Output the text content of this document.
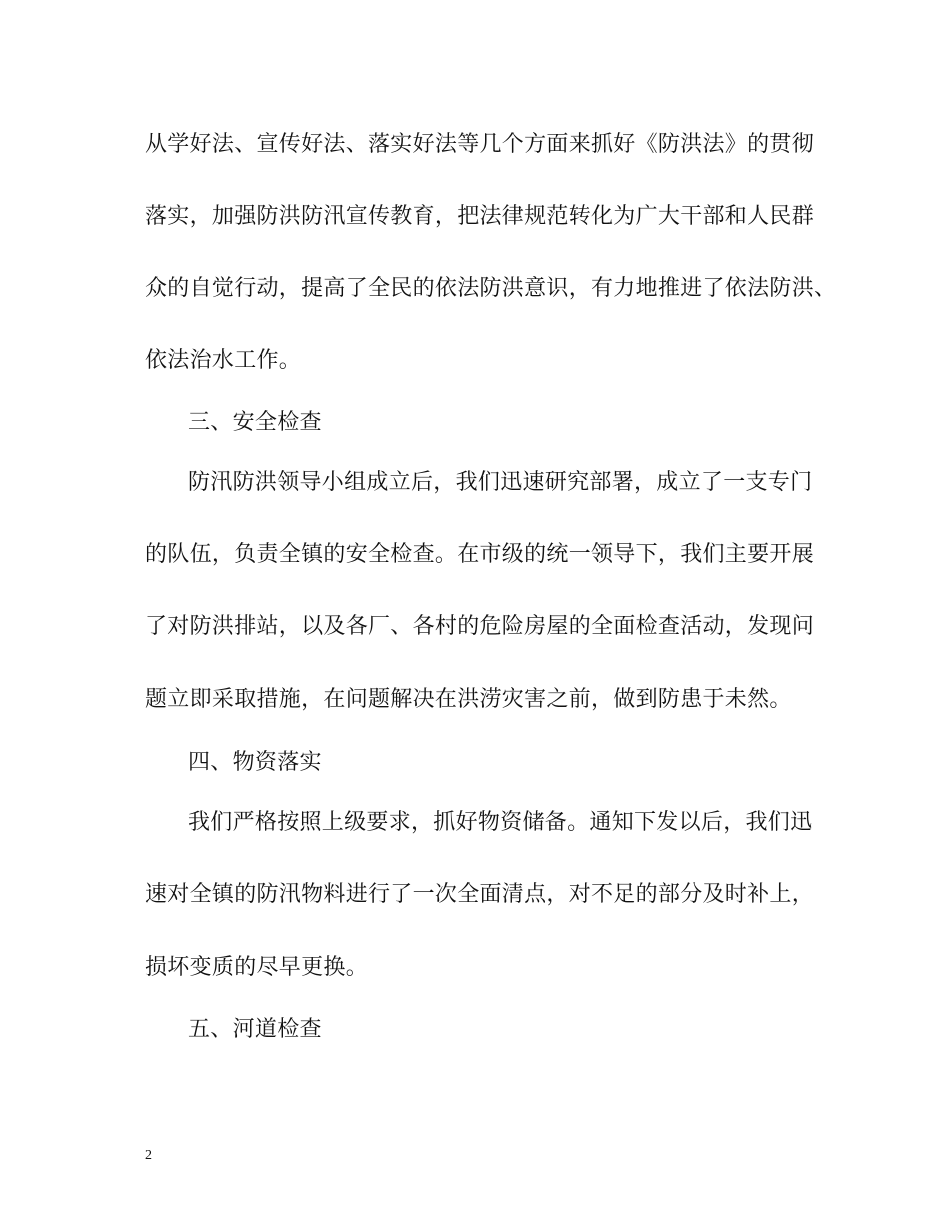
从学好法、宣传好法、落实好法等几个方面来抓好《防洪法》的贯彻
落实，加强防洪防汛宣传教育，把法律规范转化为广大干部和人民群
众的自觉行动，提高了全民的依法防洪意识，有力地推进了依法防洪、
依法治水工作。
三、安全检查
防汛防洪领导小组成立后，我们迅速研究部署，成立了一支专门
的队伍，负责全镇的安全检查。在市级的统一领导下，我们主要开展
了对防洪排站，以及各厂、各村的危险房屋的全面检查活动，发现问
题立即采取措施，在问题解决在洪涝灾害之前，做到防患于未然。
四、物资落实
我们严格按照上级要求，抓好物资储备。通知下发以后，我们迅
速对全镇的防汛物料进行了一次全面清点，对不足的部分及时补上，
损坏变质的尽早更换。
五、河道检查
2
